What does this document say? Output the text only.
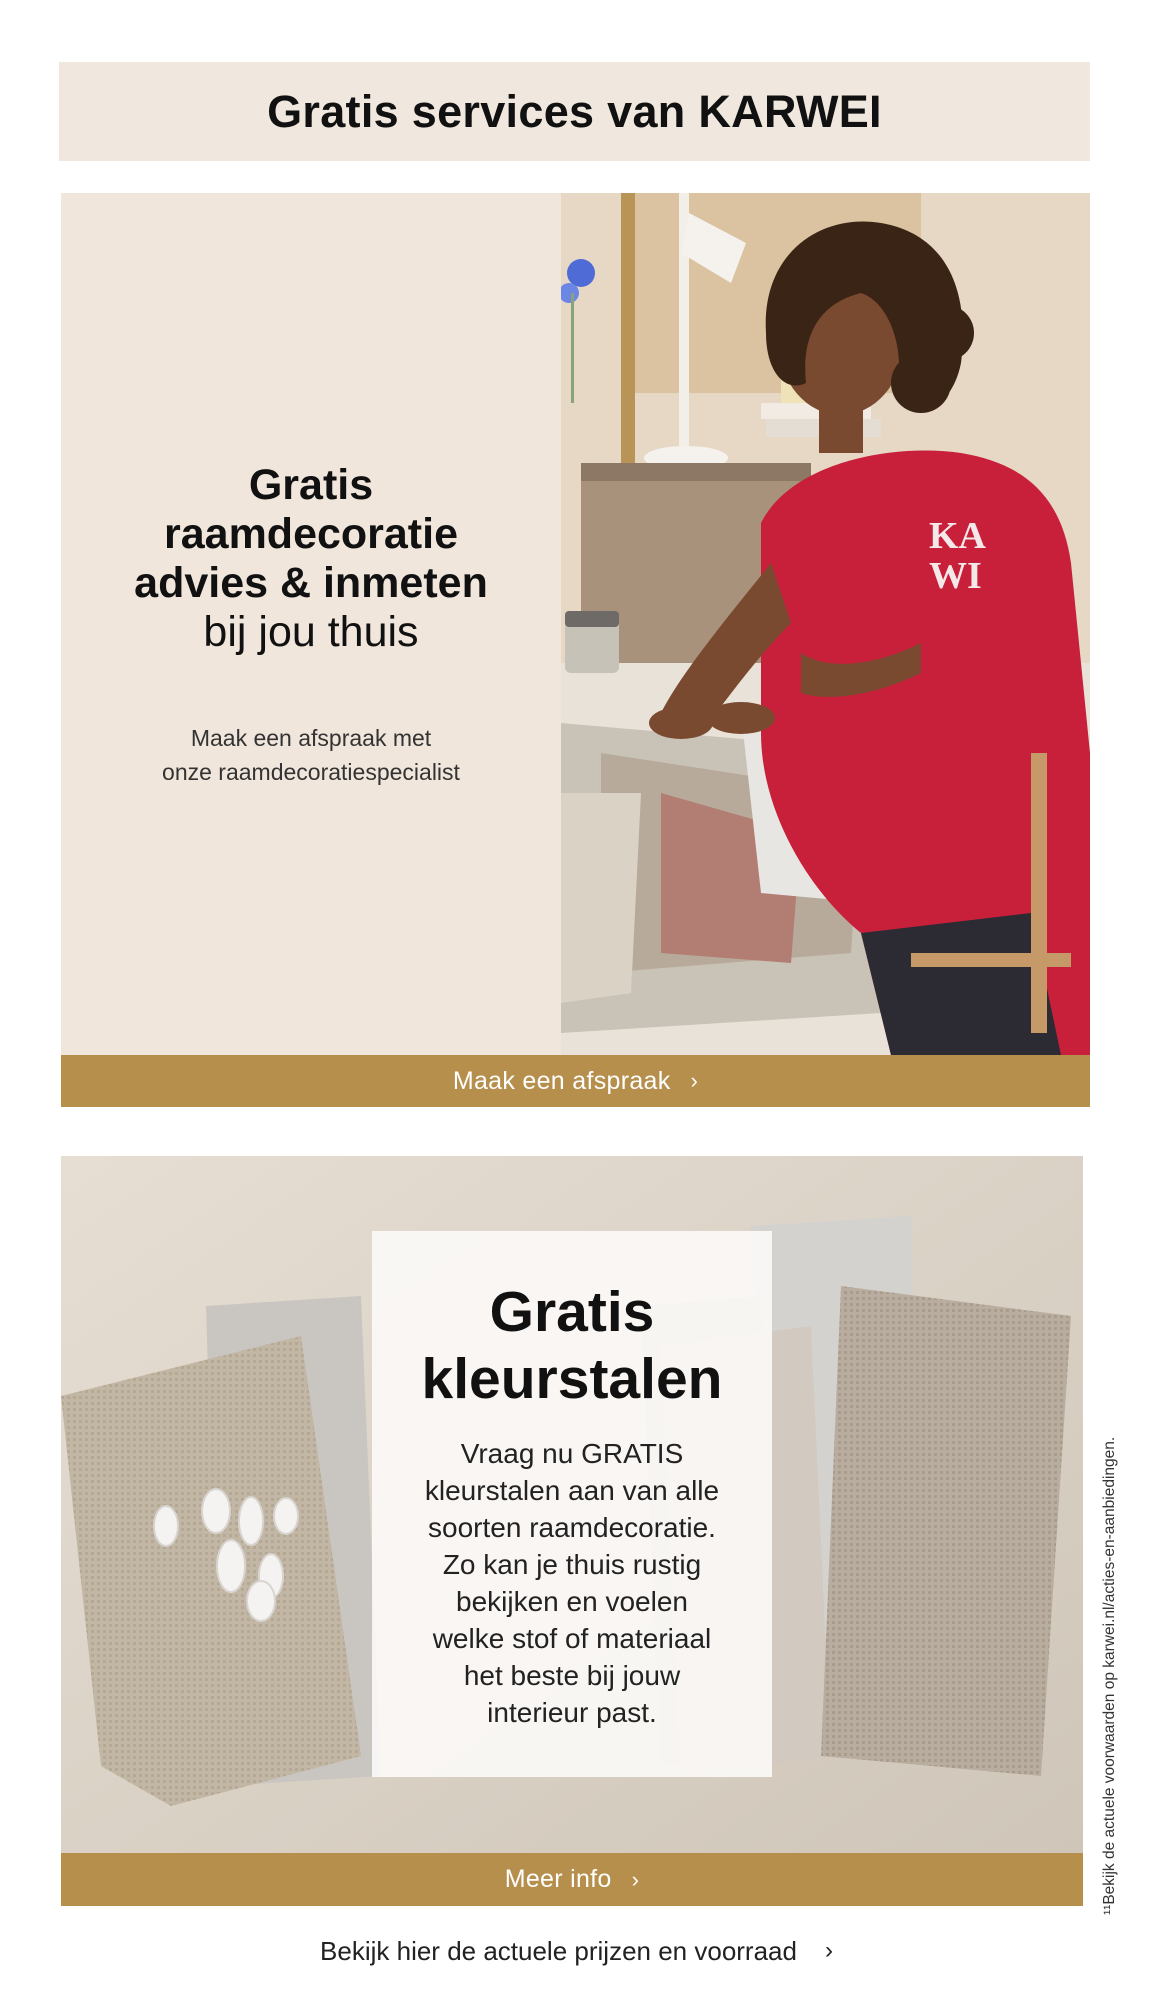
Gratis services van KARWEI
Gratis
raamdecoratie
advies & inmeten
bij jou thuis
Maak een afspraak met
onze raamdecoratiespecialist
KA
WI
Maak een afspraak ›
Gratis
kleurstalen
Vraag nu GRATIS
kleurstalen aan van alle
soorten raamdecoratie.
Zo kan je thuis rustig
bekijken en voelen
welke stof of materiaal
het beste bij jouw
interieur past.
Meer info ›	¹¹Bekijk de actuele voorwaarden op karwei.nl/acties-en-aanbiedingen.
Bekijk hier de actuele prijzen en voorraad ›
